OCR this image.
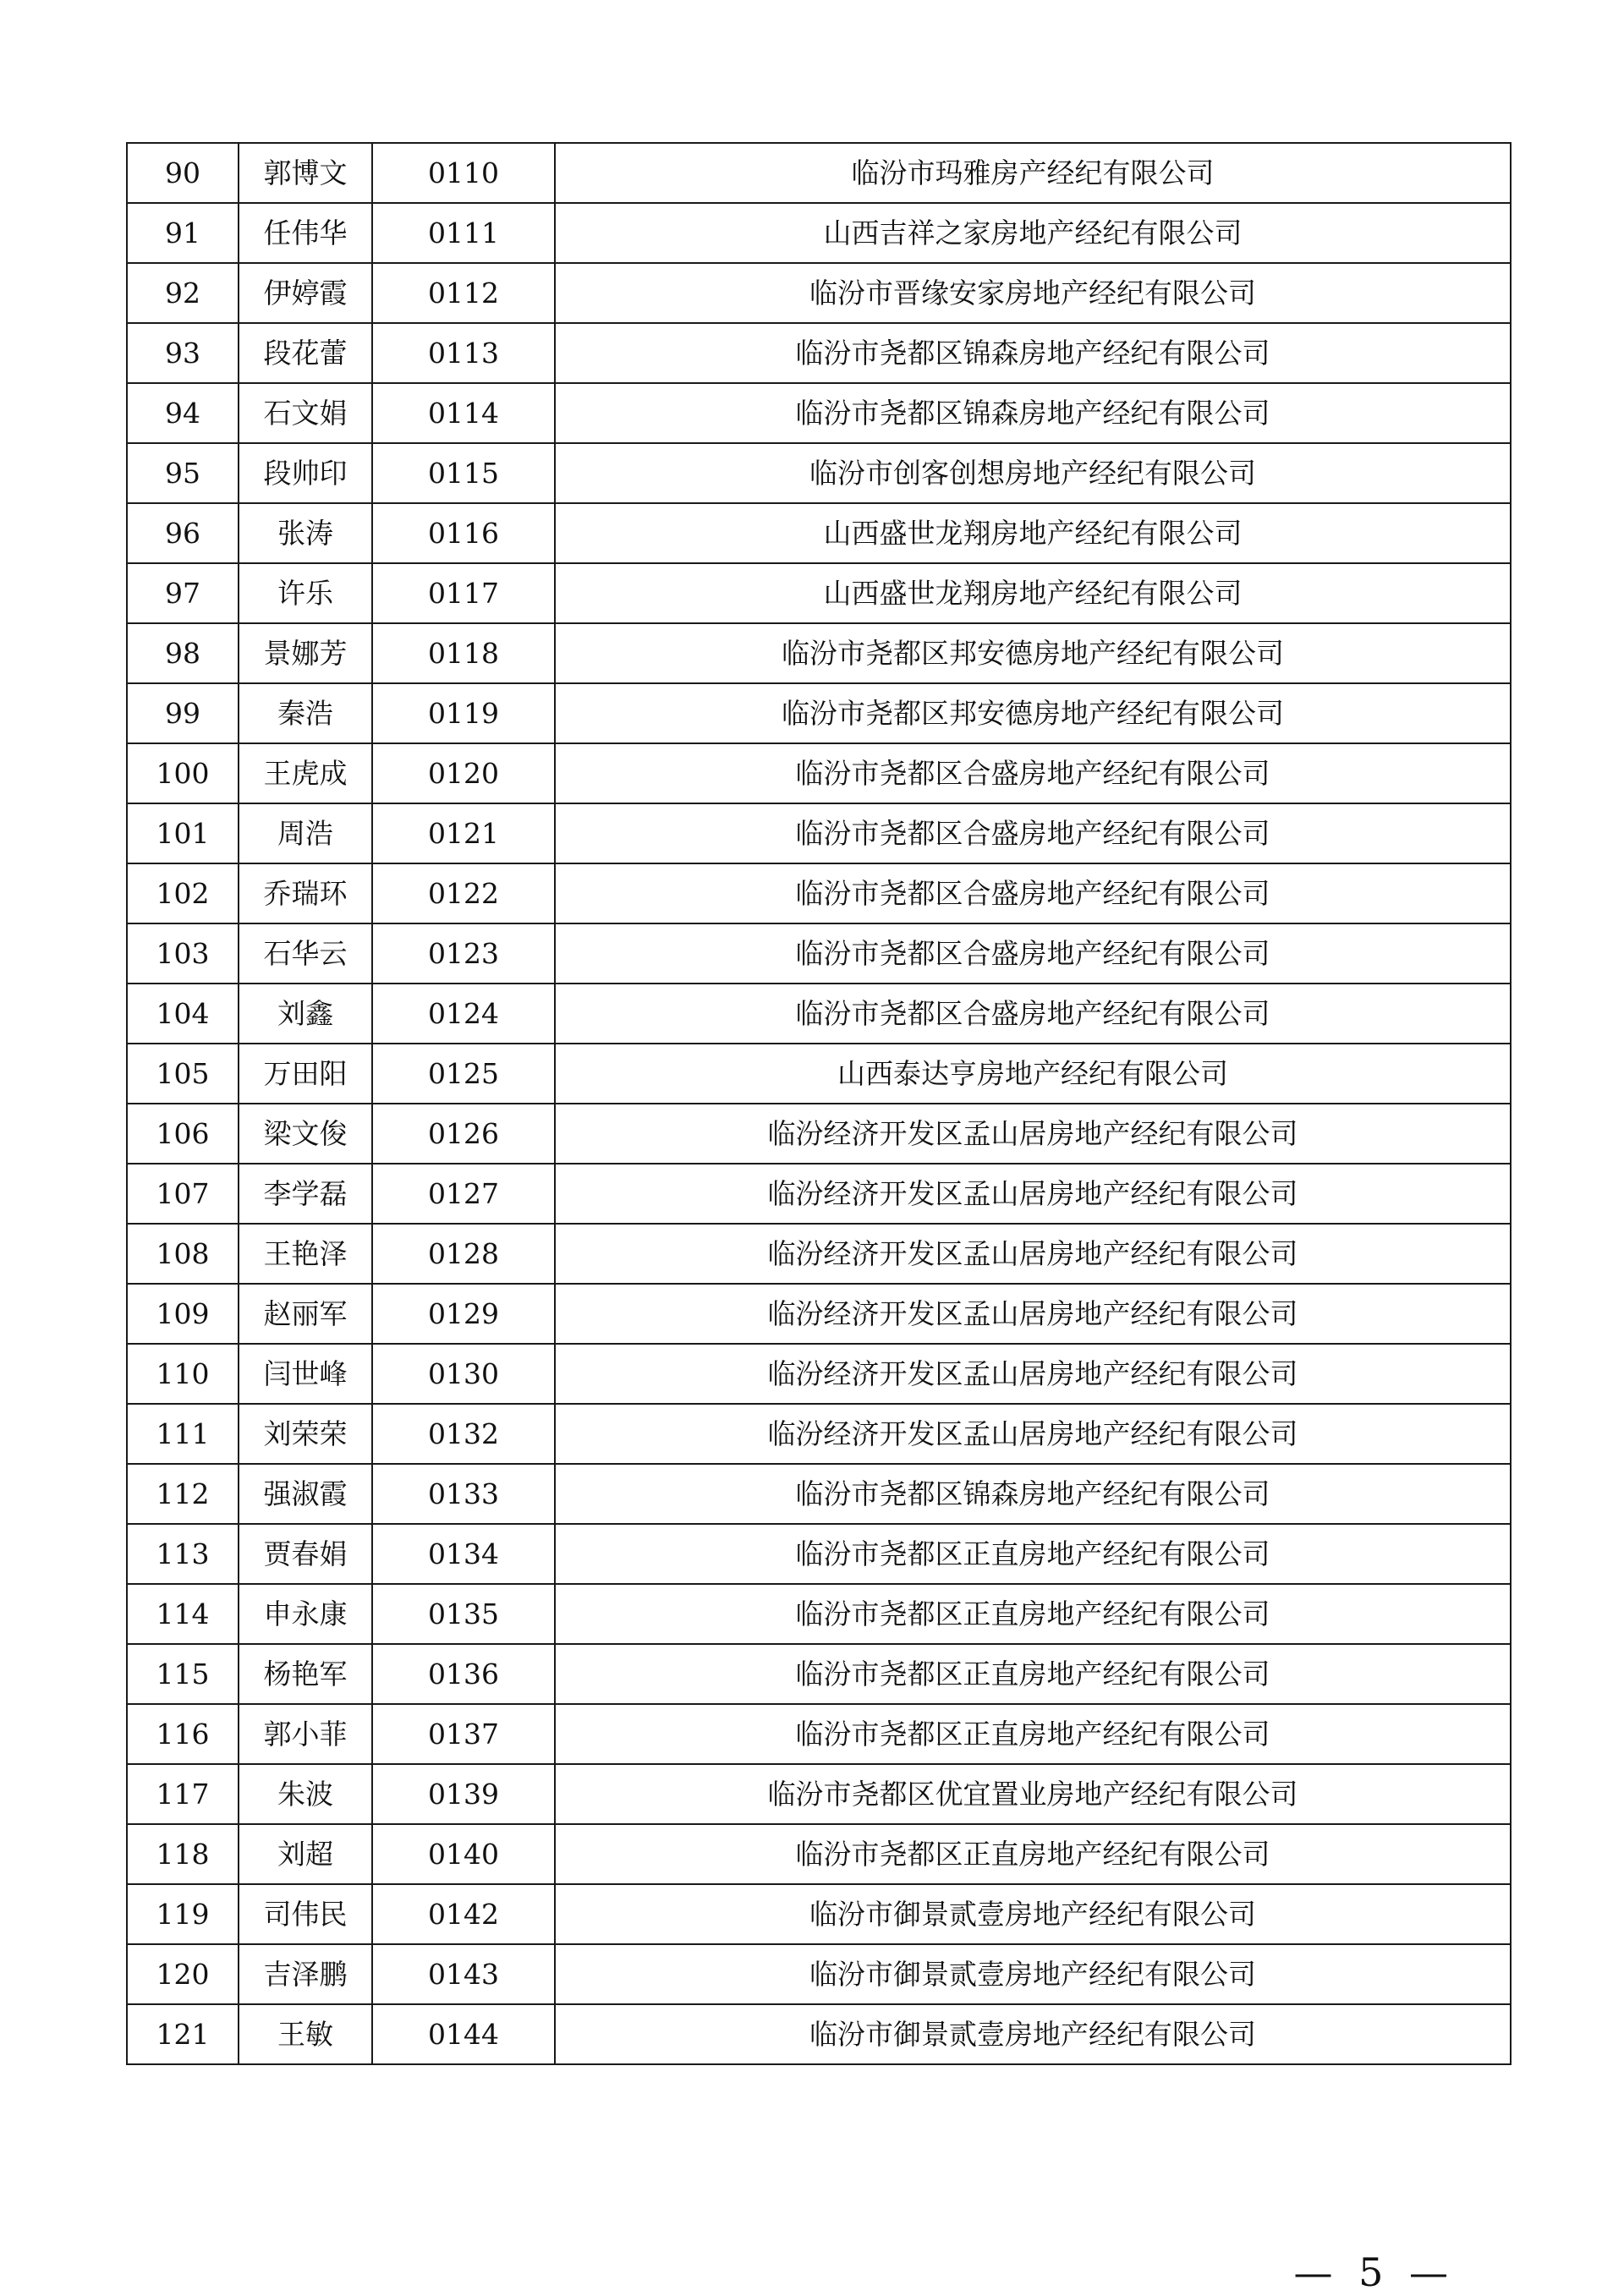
90	郭博文	0110	临汾市玛雅房产经纪有限公司
91	任伟华	0111	山西吉祥之家房地产经纪有限公司
92	伊婷霞	0112	临汾市晋缘安家房地产经纪有限公司
93	段花蕾	0113	临汾市尧都区锦森房地产经纪有限公司
94	石文娟	0114	临汾市尧都区锦森房地产经纪有限公司
95	段帅印	0115	临汾市创客创想房地产经纪有限公司
96	张涛	0116	山西盛世龙翔房地产经纪有限公司
97	许乐	0117	山西盛世龙翔房地产经纪有限公司
98	景娜芳	0118	临汾市尧都区邦安德房地产经纪有限公司
99	秦浩	0119	临汾市尧都区邦安德房地产经纪有限公司
100	王虎成	0120	临汾市尧都区合盛房地产经纪有限公司
101	周浩	0121	临汾市尧都区合盛房地产经纪有限公司
102	乔瑞环	0122	临汾市尧都区合盛房地产经纪有限公司
103	石华云	0123	临汾市尧都区合盛房地产经纪有限公司
104	刘鑫	0124	临汾市尧都区合盛房地产经纪有限公司
105	万田阳	0125	山西泰达亨房地产经纪有限公司
106	梁文俊	0126	临汾经济开发区孟山居房地产经纪有限公司
107	李学磊	0127	临汾经济开发区孟山居房地产经纪有限公司
108	王艳泽	0128	临汾经济开发区孟山居房地产经纪有限公司
109	赵丽军	0129	临汾经济开发区孟山居房地产经纪有限公司
110	闫世峰	0130	临汾经济开发区孟山居房地产经纪有限公司
111	刘荣荣	0132	临汾经济开发区孟山居房地产经纪有限公司
112	强淑霞	0133	临汾市尧都区锦森房地产经纪有限公司
113	贾春娟	0134	临汾市尧都区正直房地产经纪有限公司
114	申永康	0135	临汾市尧都区正直房地产经纪有限公司
115	杨艳军	0136	临汾市尧都区正直房地产经纪有限公司
116	郭小菲	0137	临汾市尧都区正直房地产经纪有限公司
117	朱波	0139	临汾市尧都区优宜置业房地产经纪有限公司
118	刘超	0140	临汾市尧都区正直房地产经纪有限公司
119	司伟民	0142	临汾市御景贰壹房地产经纪有限公司
120	吉泽鹏	0143	临汾市御景贰壹房地产经纪有限公司
121	王敏	0144	临汾市御景贰壹房地产经纪有限公司
— 5 —
